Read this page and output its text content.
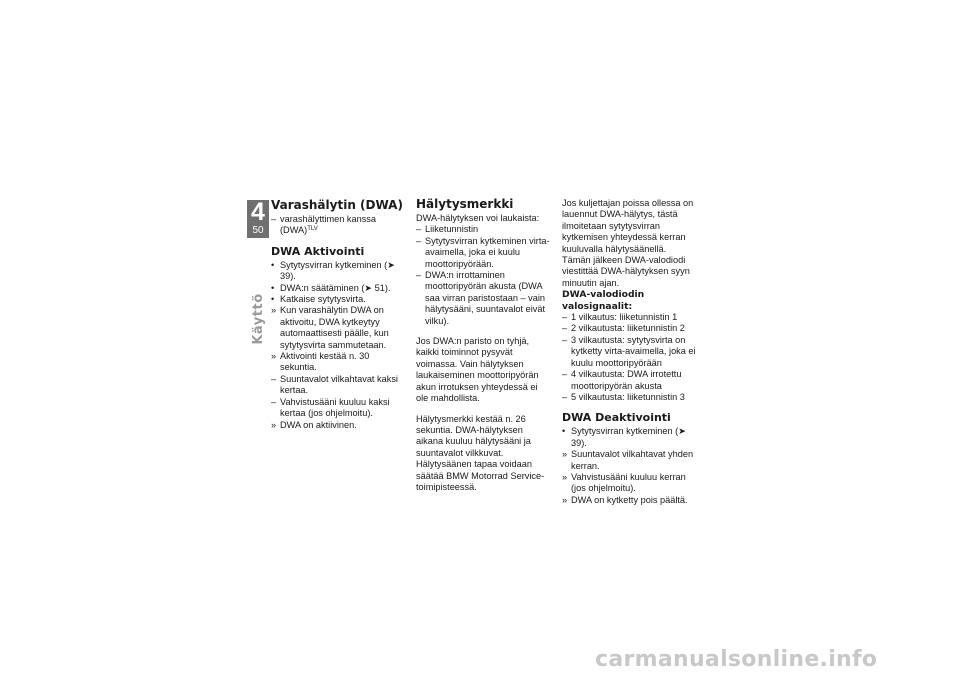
4
50
Käyttö
Varashälytin (DWA)
– varashälyttimen kanssa (DWA)$^{TLV}$
DWA Aktivointi
• Sytytysvirran kytkeminen (➤ 39).
• DWA:n säätäminen (➤ 51).
• Katkaise sytytysvirta.
» Kun varashälytin DWA on aktivoitu, DWA kytkeytyy automaattisesti päälle, kun sytytysvirta sammutetaan.
» Aktivointi kestää n. 30 sekuntia.
– Suuntavalot vilkahtavat kaksi kertaa.
– Vahvistusääni kuuluu kaksi kertaa (jos ohjelmoitu).
» DWA on aktiivinen.
Hälytysmerkki

DWA-hälytyksen voi laukaista:

– Liiketunnistin
– Sytytysvirran kytkeminen virta-avaimella, joka ei kuulu moottoripyörään.
– DWA:n irrottaminen moottoripyörän akusta (DWA saa virran paristostaan – vain hälytysääni, suuntavalot eivät vilku).

Jos DWA:n paristo on tyhjä, kaikki toiminnot pysyvät voimassa. Vain hälytyksen laukaiseminen moottoripyörän akun irrotuksen yhteydessä ei ole mahdollista.

Hälytysmerkki kestää n. 26 sekuntia. DWA-hälytyksen aikana kuuluu hälytysääni ja suuntavalot vilkkuvat. Hälytysäänen tapaa voidaan säätää BMW Motorrad Service-toimipisteessä.

Jos kuljettajan poissa ollessa on lauennut DWA-hälytys, tästä ilmoitetaan sytytysvirran kytkemisen yhteydessä kerran kuuluvalla hälytysäänellä. Tämän jälkeen DWA-valodiodi viestittää DWA-hälytyksen syyn minuutin ajan.

DWA-valodiodin valosignaalit:

– 1 vilkautus: liiketunnistin 1
– 2 vilkautusta: liiketunnistin 2
– 3 vilkautusta: sytytysvirta on kytketty virta-avaimella, joka ei kuulu moottoripyörään
– 4 vilkautusta: DWA irrotettu moottoripyörän akusta
– 5 vilkautusta: liiketunnistin 3
DWA Deaktivointi
• Sytytysvirran kytkeminen (➤ 39).
» Suuntavalot vilkahtavat yhden kerran.
» Vahvistusääni kuuluu kerran (jos ohjelmoitu).
» DWA on kytketty pois päältä.
carmanualsonline.info
